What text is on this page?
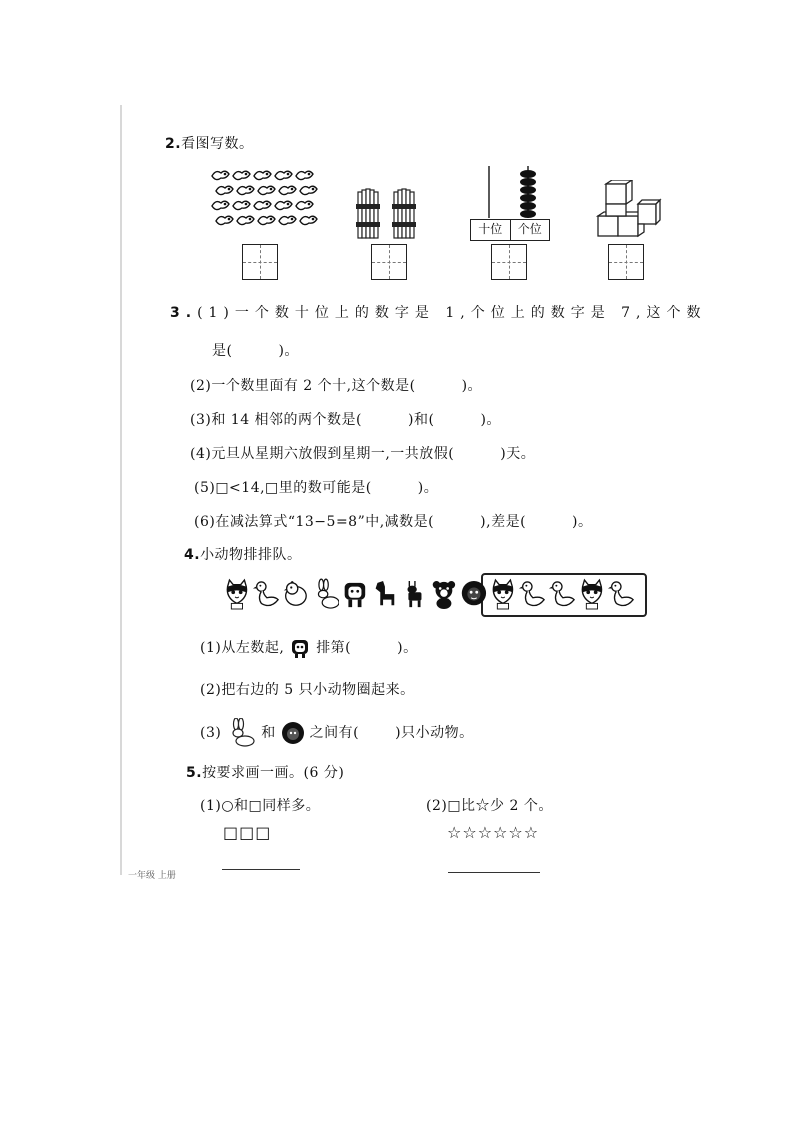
2.看图写数。
十位	个位
3.(1)一个数十位上的数字是 1,个位上的数字是 7,这个数
是(	)。
(2)一个数里面有 2 个十,这个数是(	)。
(3)和 14 相邻的两个数是(	)和(	)。
(4)元旦从星期六放假到星期一,一共放假(	)天。
(5)□<14,□里的数可能是(	)。
(6)在减法算式“13−5=8”中,减数是(	),差是(	)。
4.小动物排排队。
(1)从左数起, 排第(	)。
(2)把右边的 5 只小动物圈起来。
(3)	和 之间有(	)只小动物。
5.按要求画一画。(6 分)
(1)○和□同样多。	(2)□比☆少 2 个。
□□□	☆☆☆☆☆☆
一年级 上册
